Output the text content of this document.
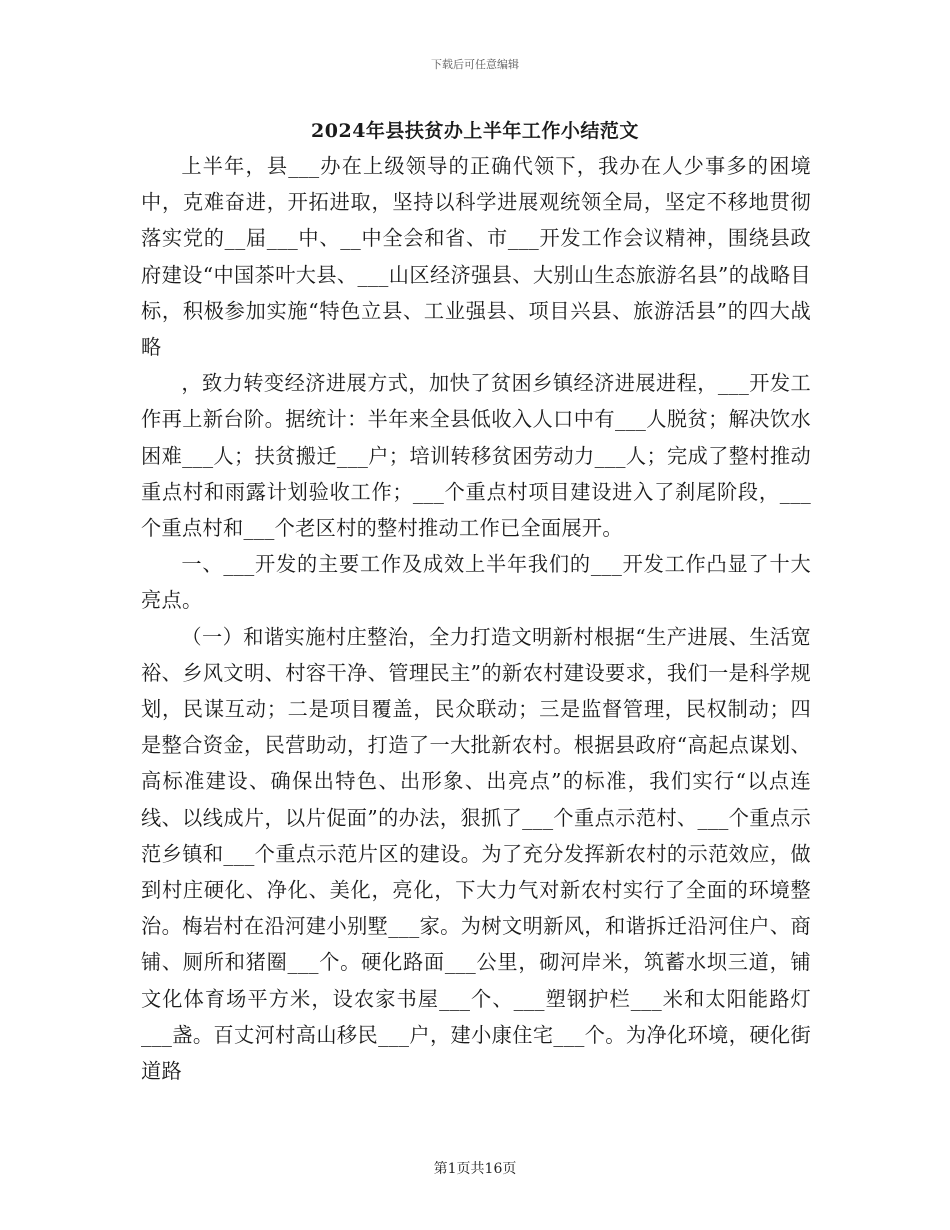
下载后可任意编辑
2024年县扶贫办上半年工作小结范文

上半年，县___办在上级领导的正确代领下，我办在人少事多的困境中，克难奋进，开拓进取，坚持以科学进展观统领全局，坚定不移地贯彻落实党的__届___中、__中全会和省、市___开发工作会议精神，围绕县政府建设“中国茶叶大县、___山区经济强县、大别山生态旅游名县”的战略目标，积极参加实施“特色立县、工业强县、项目兴县、旅游活县”的四大战略

，致力转变经济进展方式，加快了贫困乡镇经济进展进程，___开发工作再上新台阶。据统计：半年来全县低收入人口中有___人脱贫；解决饮水困难___人；扶贫搬迁___户；培训转移贫困劳动力___人；完成了整村推动重点村和雨露计划验收工作；___个重点村项目建设进入了刹尾阶段，___个重点村和___个老区村的整村推动工作已全面展开。

一、___开发的主要工作及成效上半年我们的___开发工作凸显了十大亮点。

（一）和谐实施村庄整治，全力打造文明新村根据“生产进展、生活宽裕、乡风文明、村容干净、管理民主”的新农村建设要求，我们一是科学规划，民谋互动；二是项目覆盖，民众联动；三是监督管理，民权制动；四是整合资金，民营助动，打造了一大批新农村。根据县政府“高起点谋划、高标准建设、确保出特色、出形象、出亮点”的标准，我们实行“以点连线、以线成片，以片促面”的办法，狠抓了___个重点示范村、___个重点示范乡镇和___个重点示范片区的建设。为了充分发挥新农村的示范效应，做到村庄硬化、净化、美化，亮化，下大力气对新农村实行了全面的环境整治。梅岩村在沿河建小别墅___家。为树文明新风，和谐拆迁沿河住户、商铺、厕所和猪圈___个。硬化路面___公里，砌河岸米，筑蓄水坝三道，铺文化体育场平方米，设农家书屋___个、___塑钢护栏___米和太阳能路灯___盏。百丈河村高山移民___户，建小康住宅___个。为净化环境，硬化街道路

第1页共16页
